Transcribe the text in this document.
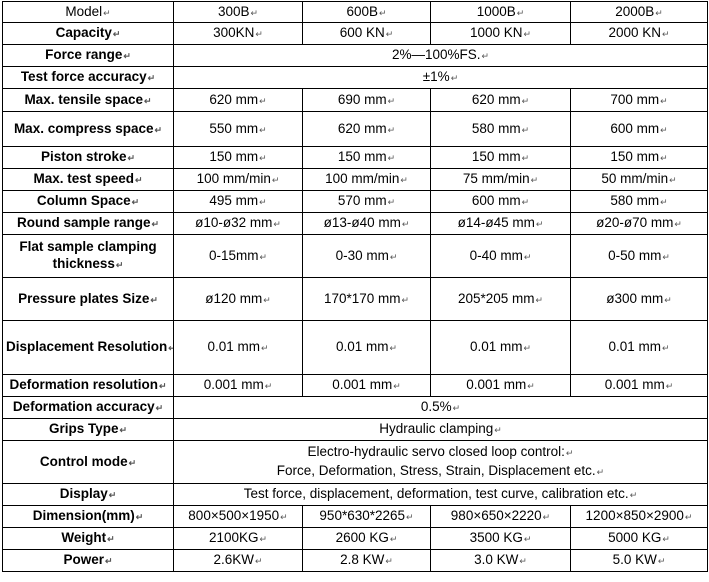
Model ↵	300B ↵	600B ↵	1000B ↵	2000B ↵
Capacity ↵	300KN ↵	600 KN ↵	1000 KN ↵	2000 KN ↵
Force range ↵	2%—100%FS. ↵
Test force accuracy ↵	±1% ↵
Max. tensile space ↵	620 mm ↵	690 mm ↵	620 mm ↵	700 mm ↵
Max. compress space ↵	550 mm ↵	620 mm ↵	580 mm ↵	600 mm ↵
Piston stroke ↵	150 mm ↵	150 mm ↵	150 mm ↵	150 mm ↵
Max. test speed ↵	100 mm/min ↵	100 mm/min ↵	75 mm/min ↵	50 mm/min ↵
Column Space ↵	495 mm ↵	570 mm ↵	600 mm ↵	580 mm ↵
Round sample range ↵	ø10-ø32 mm ↵	ø13-ø40 mm ↵	ø14-ø45 mm ↵	ø20-ø70 mm ↵
Flat sample clamping thickness ↵	0-15mm ↵	0-30 mm ↵	0-40 mm ↵	0-50 mm ↵
Pressure plates Size ↵	ø120 mm ↵	170*170 mm ↵	205*205 mm ↵	ø300 mm ↵
Displacement Resolution ↵	0.01 mm ↵	0.01 mm ↵	0.01 mm ↵	0.01 mm ↵
Deformation resolution ↵	0.001 mm ↵	0.001 mm ↵	0.001 mm ↵	0.001 mm ↵
Deformation accuracy ↵	0.5% ↵
Grips Type ↵	Hydraulic clamping ↵
Control mode ↵	Electro-hydraulic servo closed loop control: ↵
Force, Deformation, Stress, Strain, Displacement etc. ↵

Display ↵	Test force, displacement, deformation, test curve, calibration etc. ↵
Dimension(mm) ↵	800×500×1950 ↵	950*630*2265 ↵	980×650×2220 ↵	1200×850×2900 ↵
Weight ↵	2100KG ↵	2600 KG ↵	3500 KG ↵	5000 KG ↵
Power ↵	2.6KW ↵	2.8 KW ↵	3.0 KW ↵	5.0 KW ↵
